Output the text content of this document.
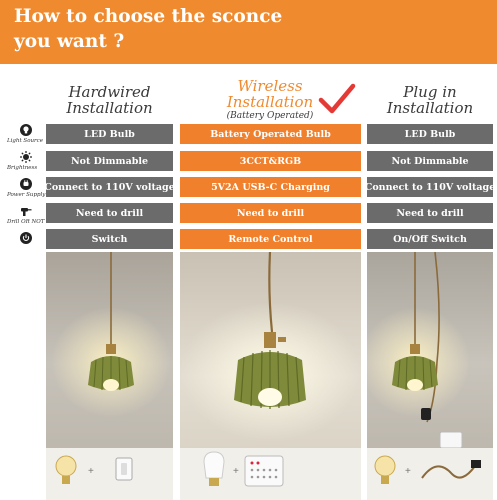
How to choose the sconce
you want ?
Hardwired
Installation
Wireless
Installation
(Battery Operated)
Plug in
Installation
Light Source
Brightness
Power Supply
Drill OR NOT
LED Bulb
Not Dimmable
Connect to 110V voltage
Need to drill
Switch
Battery Operated Bulb
3CCT&RGB
5V2A USB-C Charging
Need to drill
Remote Control
LED Bulb
Not Dimmable
Connect to 110V voltage
Need to drill
On/Off Switch
+	+	+
